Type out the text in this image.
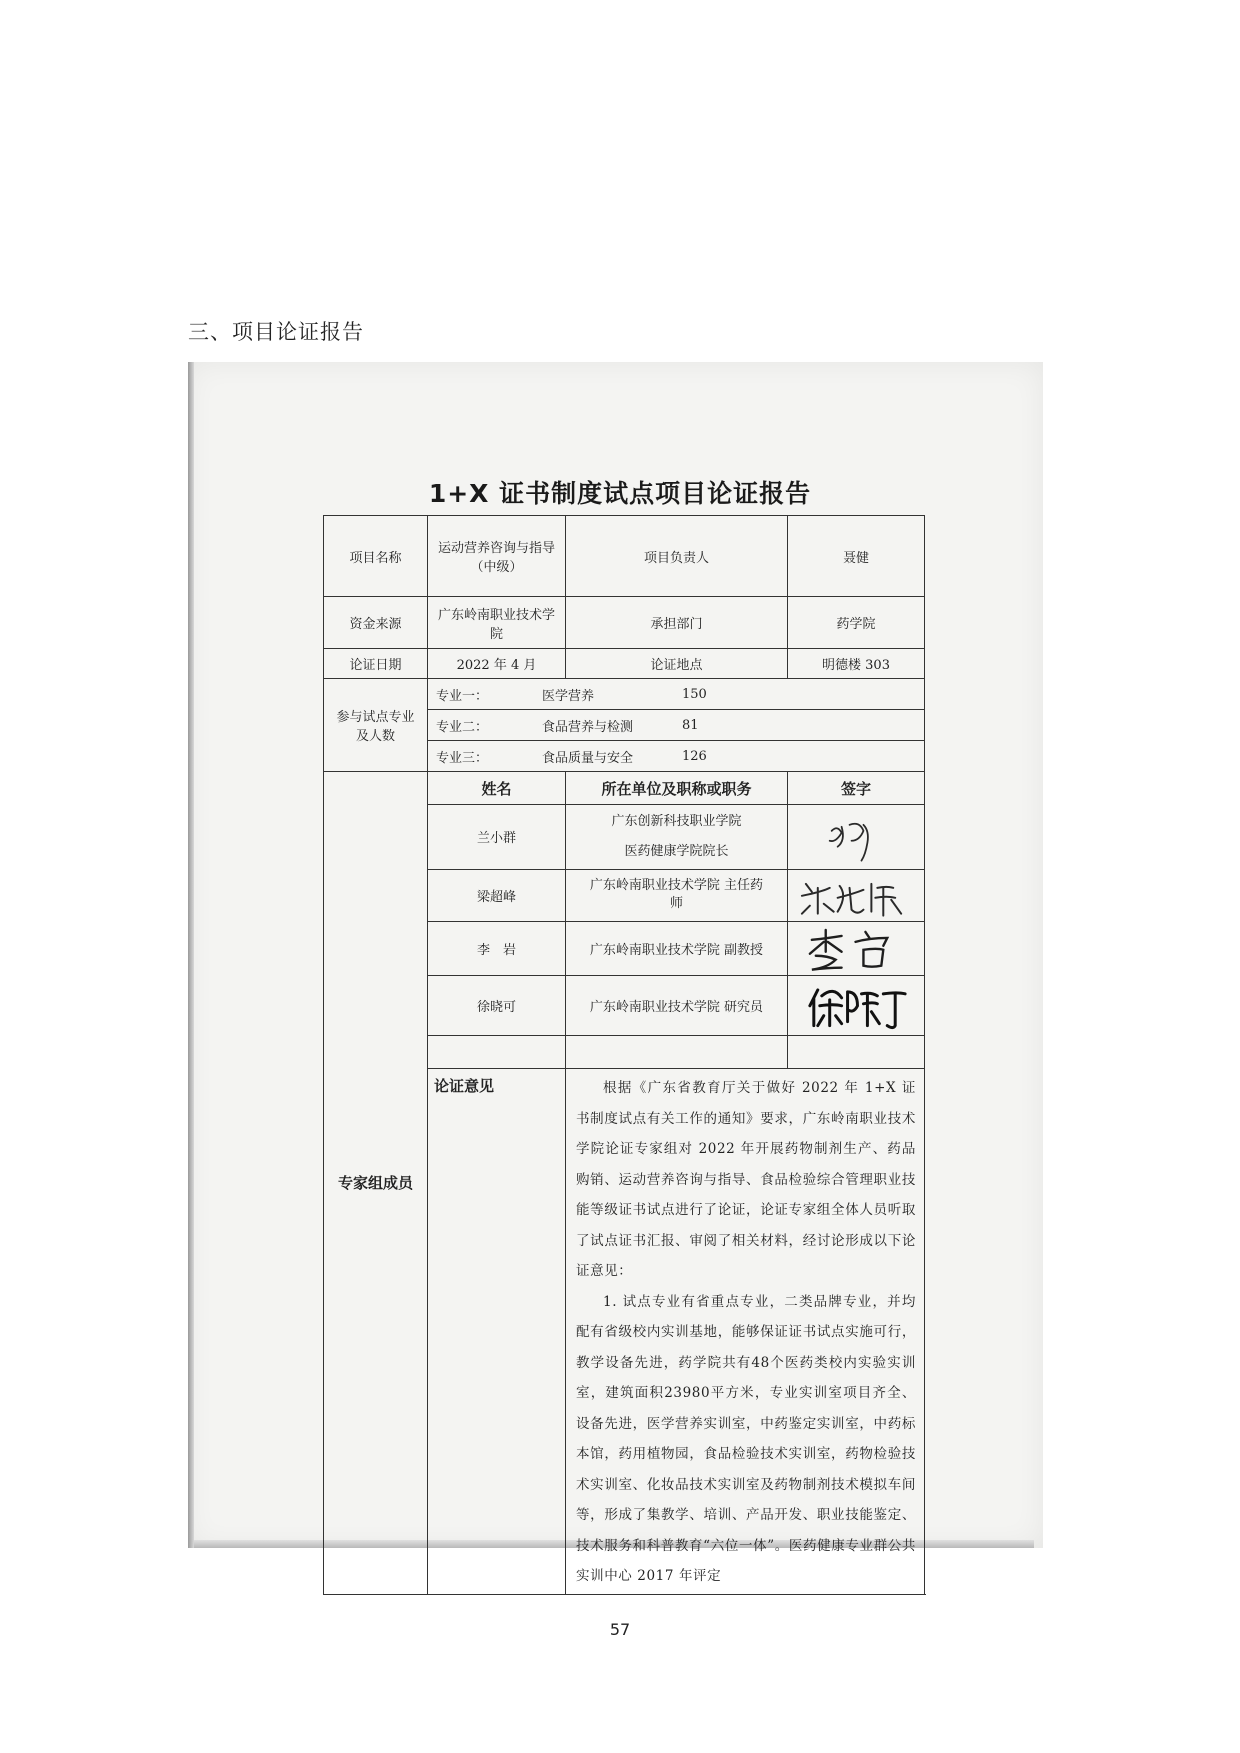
三、项目论证报告
1+X 证书制度试点项目论证报告
项目名称	运动营养咨询与指导（中级）	项目负责人	聂健
资金来源	广东岭南职业技术学院	承担部门	药学院
论证日期	2022 年 4 月	论证地点	明德楼 303
参与试点专业及人数	专业一： 医学营养 150		

	专业二： 食品营养与检测 81		

	专业三： 食品质量与安全 126		

专家组成员	姓名	所在单位及职称或职务	签字
	兰小群	广东创新科技职业学院
医药健康学院院长

	梁超峰	广东岭南职业技术学院 主任药
师

	李　岩	广东岭南职业技术学院 副教授

	徐晓可	广东岭南职业技术学院 研究员

	论证意见	根据《广东省教育厅关于做好 2022 年 1+X 证书制度试点有关工作的通知》要求，广东岭南职业技术学院论证专家组对 2022 年开展药物制剂生产、药品购销、运动营养咨询与指导、食品检验综合管理职业技能等级证书试点进行了论证，论证专家组全体人员听取了试点证书汇报、审阅了相关材料，经讨论形成以下论证意见：

1. 试点专业有省重点专业，二类品牌专业，并均配有省级校内实训基地，能够保证证书试点实施可行，教学设备先进，药学院共有48个医药类校内实验实训室，建筑面积23980平方米，专业实训室项目齐全、设备先进，医学营养实训室，中药鉴定实训室，中药标本馆，药用植物园，食品检验技术实训室，药物检验技术实训室、化妆品技术实训室及药物制剂技术模拟车间等，形成了集教学、培训、产品开发、职业技能鉴定、技术服务和科普教育“六位一体”。医药健康专业群公共实训中心 2017 年评定	

57
